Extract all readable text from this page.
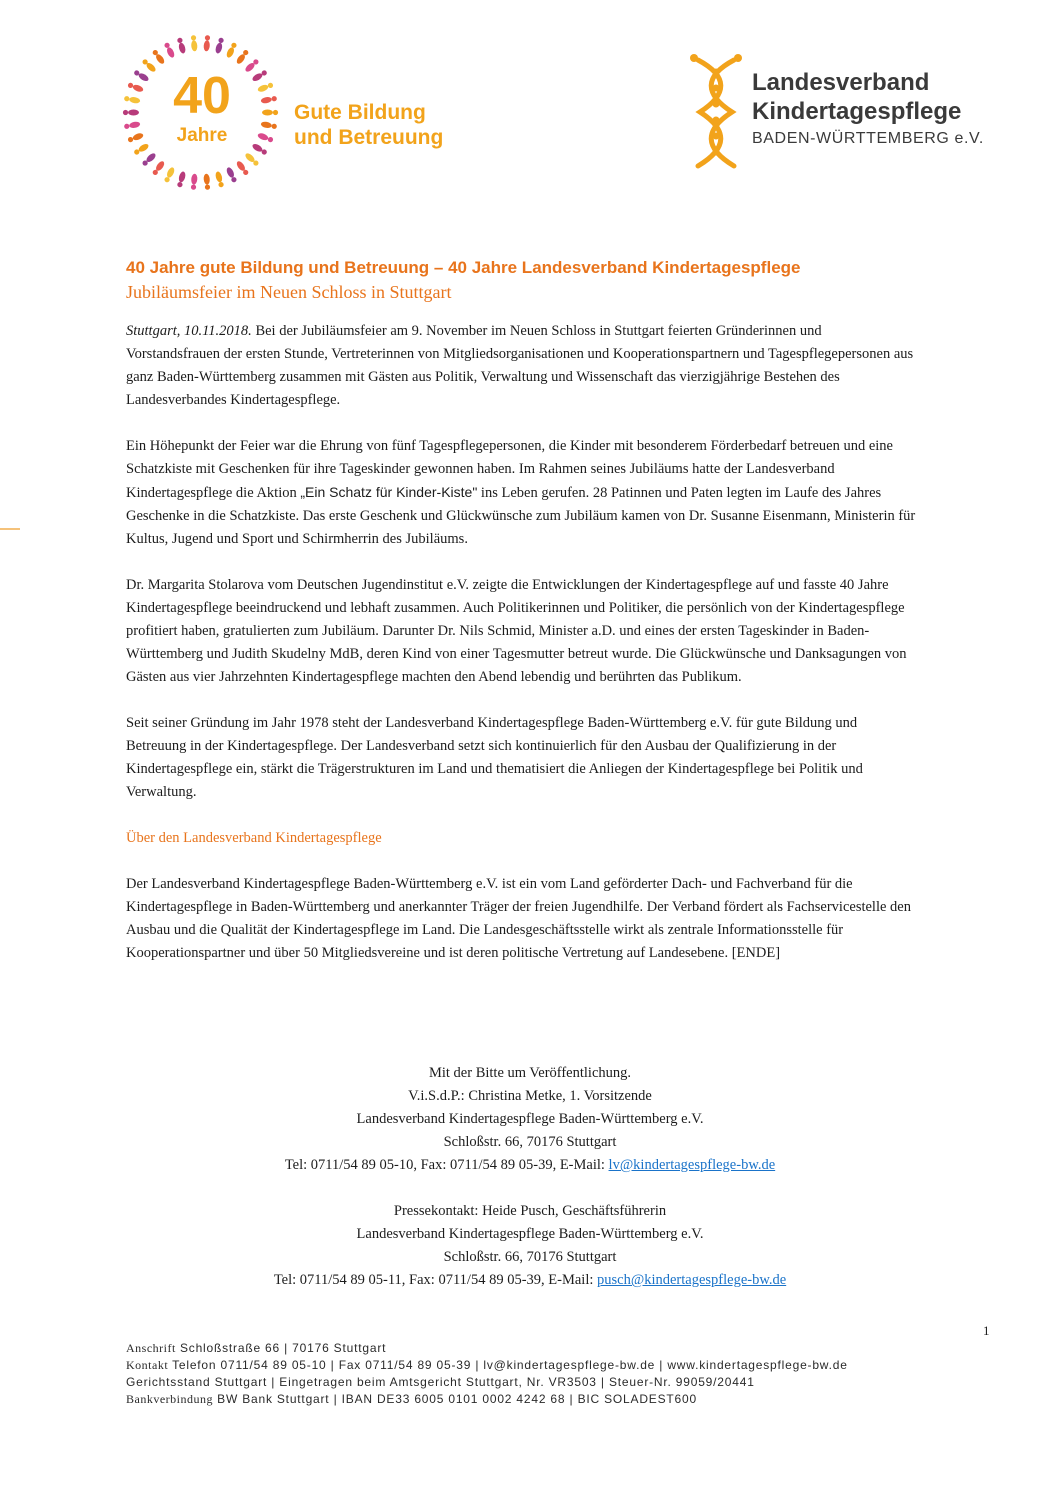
40
Jahre

Gute Bildung
und Betreuung

Landesverband
Kindertagespflege
BADEN-WÜRTTEMBERG e.V.

40 Jahre gute Bildung und Betreuung – 40 Jahre Landesverband Kindertagespflege

Jubiläumsfeier im Neuen Schloss in Stuttgart

Stuttgart, 10.11.2018. Bei der Jubiläumsfeier am 9. November im Neuen Schloss in Stuttgart feierten Gründerinnen und Vorstandsfrauen der ersten Stunde, Vertreterinnen von Mitgliedsorganisationen und Kooperationspartnern und Tagespflegepersonen aus ganz Baden-Württemberg zusammen mit Gästen aus Politik, Verwaltung und Wissenschaft das vierzigjährige Bestehen des Landesverbandes Kindertagespflege.

Ein Höhepunkt der Feier war die Ehrung von fünf Tagespflegepersonen, die Kinder mit besonderem Förderbedarf betreuen und eine Schatzkiste mit Geschenken für ihre Tageskinder gewonnen haben. Im Rahmen seines Jubiläums hatte der Landesverband Kindertagespflege die Aktion „Ein Schatz für Kinder-Kiste" ins Leben gerufen. 28 Patinnen und Paten legten im Laufe des Jahres Geschenke in die Schatzkiste. Das erste Geschenk und Glückwünsche zum Jubiläum kamen von Dr. Susanne Eisenmann, Ministerin für Kultus, Jugend und Sport und Schirmherrin des Jubiläums.

Dr. Margarita Stolarova vom Deutschen Jugendinstitut e.V. zeigte die Entwicklungen der Kindertagespflege auf und fasste 40 Jahre Kindertagespflege beeindruckend und lebhaft zusammen. Auch Politikerinnen und Politiker, die persönlich von der Kindertagespflege profitiert haben, gratulierten zum Jubiläum. Darunter Dr. Nils Schmid, Minister a.D. und eines der ersten Tageskinder in Baden-Württemberg und Judith Skudelny MdB, deren Kind von einer Tagesmutter betreut wurde. Die Glückwünsche und Danksagungen von Gästen aus vier Jahrzehnten Kindertagespflege machten den Abend lebendig und berührten das Publikum.

Seit seiner Gründung im Jahr 1978 steht der Landesverband Kindertagespflege Baden-Württemberg e.V. für gute Bildung und Betreuung in der Kindertagespflege. Der Landesverband setzt sich kontinuierlich für den Ausbau der Qualifizierung in der Kindertagespflege ein, stärkt die Trägerstrukturen im Land und thematisiert die Anliegen der Kindertagespflege bei Politik und Verwaltung.

Über den Landesverband Kindertagespflege

Der Landesverband Kindertagespflege Baden-Württemberg e.V. ist ein vom Land geförderter Dach- und Fachverband für die Kindertagespflege in Baden-Württemberg und anerkannter Träger der freien Jugendhilfe. Der Verband fördert als Fachservicestelle den Ausbau und die Qualität der Kindertagespflege im Land. Die Landesgeschäftsstelle wirkt als zentrale Informationsstelle für Kooperationspartner und über 50 Mitgliedsvereine und ist deren politische Vertretung auf Landesebene. [ENDE]

Mit der Bitte um Veröffentlichung.

V.i.S.d.P.: Christina Metke, 1. Vorsitzende

Landesverband Kindertagespflege Baden-Württemberg e.V.

Schloßstr. 66, 70176 Stuttgart

Tel: 0711/54 89 05-10, Fax: 0711/54 89 05-39, E-Mail: lv@kindertagespflege-bw.de

Pressekontakt: Heide Pusch, Geschäftsführerin

Landesverband Kindertagespflege Baden-Württemberg e.V.

Schloßstr. 66, 70176 Stuttgart

Tel: 0711/54 89 05-11, Fax: 0711/54 89 05-39, E-Mail: pusch@kindertagespflege-bw.de

1

Anschrift Schloßstraße 66 | 70176 Stuttgart

Kontakt Telefon 0711/54 89 05-10 | Fax 0711/54 89 05-39 | lv@kindertagespflege-bw.de | www.kindertagespflege-bw.de

Gerichtsstand Stuttgart | Eingetragen beim Amtsgericht Stuttgart, Nr. VR3503 | Steuer-Nr. 99059/20441

Bankverbindung BW Bank Stuttgart | IBAN DE33 6005 0101 0002 4242 68 | BIC SOLADEST600
